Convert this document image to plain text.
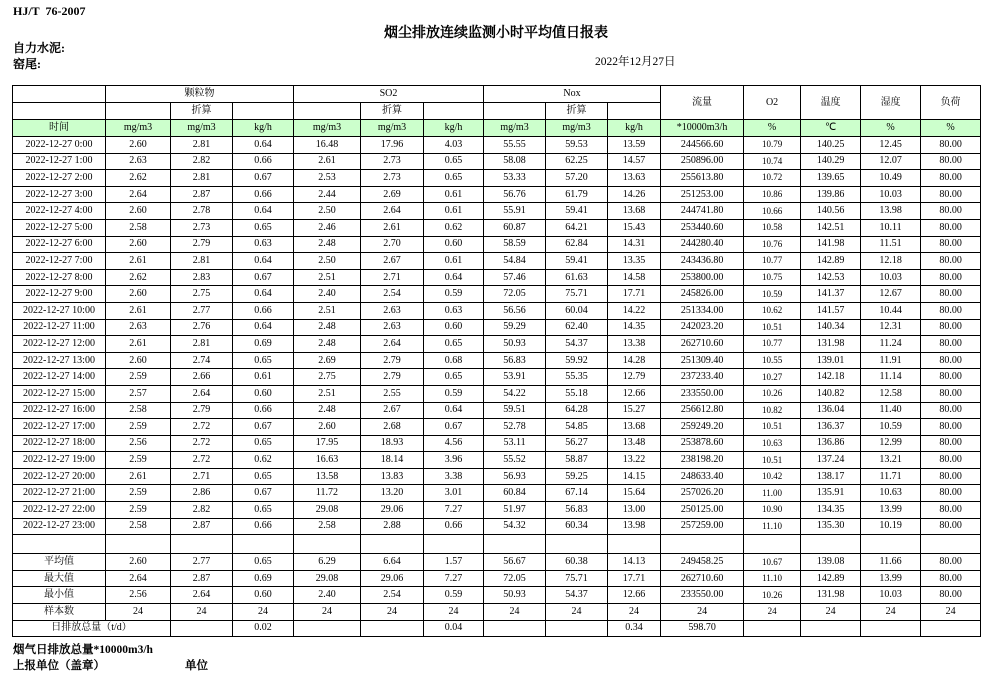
HJ/T  76-2007
烟尘排放连续监测小时平均值日报表
自力水泥:
窑尾:	2022年12月27日
	颗粒物			SO2			Nox			流量	O2	温度	湿度	负荷
		折算			折算			折算						
时间	mg/m3	mg/m3	kg/h	mg/m3	mg/m3	kg/h	mg/m3	mg/m3	kg/h	*10000m3/h	%	℃	%	%
2022-12-27 0:00	2.60	2.81	0.64	16.48	17.96	4.03	55.55	59.53	13.59	244566.60	10.79	140.25	12.45	80.00
2022-12-27 1:00	2.63	2.82	0.66	2.61	2.73	0.65	58.08	62.25	14.57	250896.00	10.74	140.29	12.07	80.00
2022-12-27 2:00	2.62	2.81	0.67	2.53	2.73	0.65	53.33	57.20	13.63	255613.80	10.72	139.65	10.49	80.00
2022-12-27 3:00	2.64	2.87	0.66	2.44	2.69	0.61	56.76	61.79	14.26	251253.00	10.86	139.86	10.03	80.00
2022-12-27 4:00	2.60	2.78	0.64	2.50	2.64	0.61	55.91	59.41	13.68	244741.80	10.66	140.56	13.98	80.00
2022-12-27 5:00	2.58	2.73	0.65	2.46	2.61	0.62	60.87	64.21	15.43	253440.60	10.58	142.51	10.11	80.00
2022-12-27 6:00	2.60	2.79	0.63	2.48	2.70	0.60	58.59	62.84	14.31	244280.40	10.76	141.98	11.51	80.00
2022-12-27 7:00	2.61	2.81	0.64	2.50	2.67	0.61	54.84	59.41	13.35	243436.80	10.77	142.89	12.18	80.00
2022-12-27 8:00	2.62	2.83	0.67	2.51	2.71	0.64	57.46	61.63	14.58	253800.00	10.75	142.53	10.03	80.00
2022-12-27 9:00	2.60	2.75	0.64	2.40	2.54	0.59	72.05	75.71	17.71	245826.00	10.59	141.37	12.67	80.00
2022-12-27 10:00	2.61	2.77	0.66	2.51	2.63	0.63	56.56	60.04	14.22	251334.00	10.62	141.57	10.44	80.00
2022-12-27 11:00	2.63	2.76	0.64	2.48	2.63	0.60	59.29	62.40	14.35	242023.20	10.51	140.34	12.31	80.00
2022-12-27 12:00	2.61	2.81	0.69	2.48	2.64	0.65	50.93	54.37	13.38	262710.60	10.77	131.98	11.24	80.00
2022-12-27 13:00	2.60	2.74	0.65	2.69	2.79	0.68	56.83	59.92	14.28	251309.40	10.55	139.01	11.91	80.00
2022-12-27 14:00	2.59	2.66	0.61	2.75	2.79	0.65	53.91	55.35	12.79	237233.40	10.27	142.18	11.14	80.00
2022-12-27 15:00	2.57	2.64	0.60	2.51	2.55	0.59	54.22	55.18	12.66	233550.00	10.26	140.82	12.58	80.00
2022-12-27 16:00	2.58	2.79	0.66	2.48	2.67	0.64	59.51	64.28	15.27	256612.80	10.82	136.04	11.40	80.00
2022-12-27 17:00	2.59	2.72	0.67	2.60	2.68	0.67	52.78	54.85	13.68	259249.20	10.51	136.37	10.59	80.00
2022-12-27 18:00	2.56	2.72	0.65	17.95	18.93	4.56	53.11	56.27	13.48	253878.60	10.63	136.86	12.99	80.00
2022-12-27 19:00	2.59	2.72	0.62	16.63	18.14	3.96	55.52	58.87	13.22	238198.20	10.51	137.24	13.21	80.00
2022-12-27 20:00	2.61	2.71	0.65	13.58	13.83	3.38	56.93	59.25	14.15	248633.40	10.42	138.17	11.71	80.00
2022-12-27 21:00	2.59	2.86	0.67	11.72	13.20	3.01	60.84	67.14	15.64	257026.20	11.00	135.91	10.63	80.00
2022-12-27 22:00	2.59	2.82	0.65	29.08	29.06	7.27	51.97	56.83	13.00	250125.00	10.90	134.35	13.99	80.00
2022-12-27 23:00	2.58	2.87	0.66	2.58	2.88	0.66	54.32	60.34	13.98	257259.00	11.10	135.30	10.19	80.00

平均值	2.60	2.77	0.65	6.29	6.64	1.57	56.67	60.38	14.13	249458.25	10.67	139.08	11.66	80.00
最大值	2.64	2.87	0.69	29.08	29.06	7.27	72.05	75.71	17.71	262710.60	11.10	142.89	13.99	80.00
最小值	2.56	2.64	0.60	2.40	2.54	0.59	50.93	54.37	12.66	233550.00	10.26	131.98	10.03	80.00
样本数	24	24	24	24	24	24	24	24	24	24	24	24	24	24
日排放总量（t/d）			0.02			0.04			0.34	598.70				
烟气日排放总量*10000m3/h
上报单位（盖章）	单位
